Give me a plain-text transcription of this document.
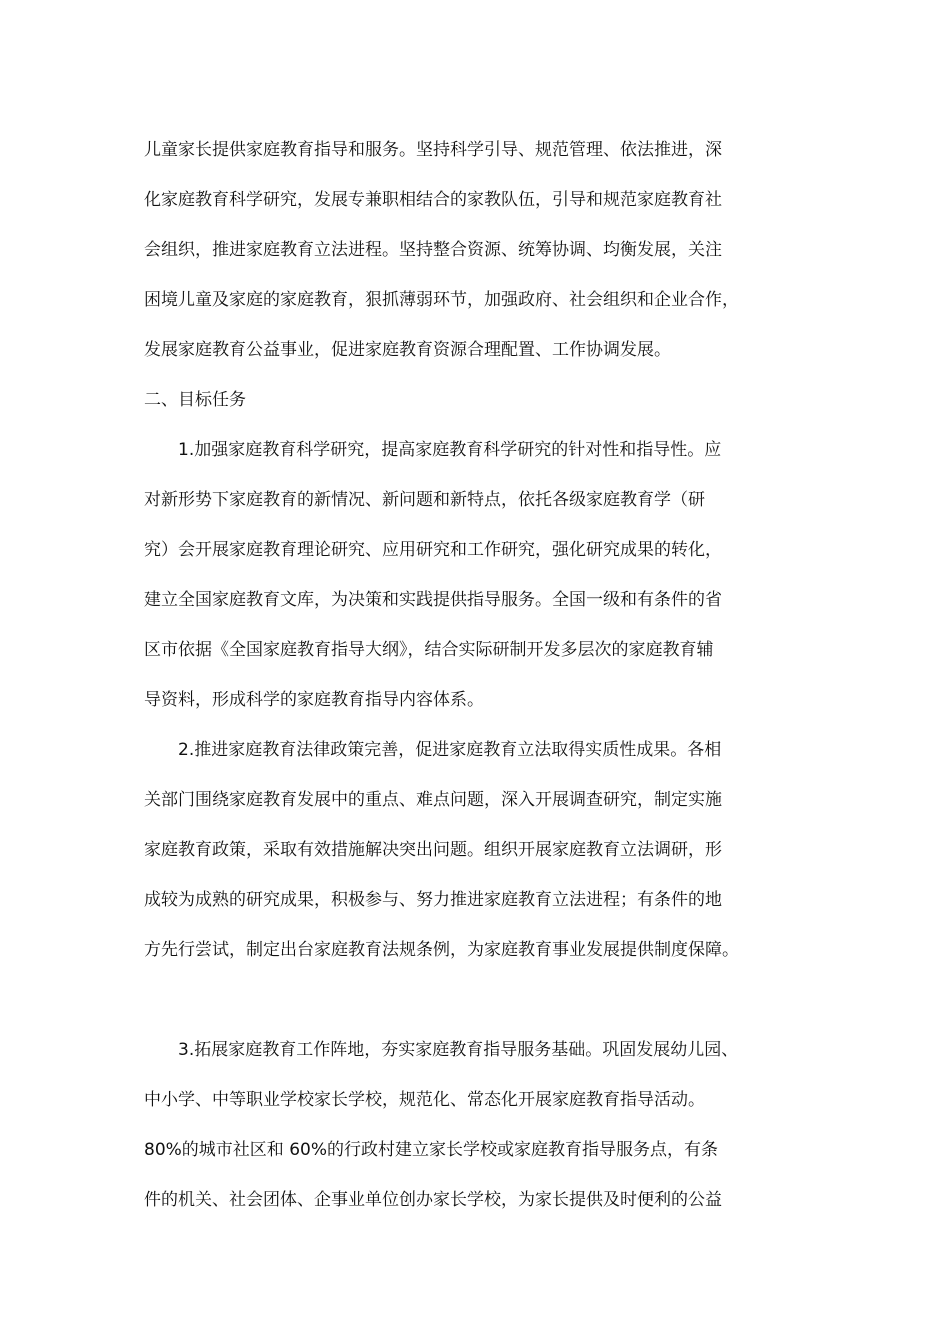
儿童家长提供家庭教育指导和服务。坚持科学引导、规范管理、依法推进，深
化家庭教育科学研究，发展专兼职相结合的家教队伍，引导和规范家庭教育社
会组织，推进家庭教育立法进程。坚持整合资源、统筹协调、均衡发展，关注
困境儿童及家庭的家庭教育，狠抓薄弱环节，加强政府、社会组织和企业合作，
发展家庭教育公益事业，促进家庭教育资源合理配置、工作协调发展。
二、目标任务
1.加强家庭教育科学研究，提高家庭教育科学研究的针对性和指导性。应
对新形势下家庭教育的新情况、新问题和新特点，依托各级家庭教育学（研
究）会开展家庭教育理论研究、应用研究和工作研究，强化研究成果的转化，
建立全国家庭教育文库，为决策和实践提供指导服务。全国一级和有条件的省
区市依据《全国家庭教育指导大纲》，结合实际研制开发多层次的家庭教育辅
导资料，形成科学的家庭教育指导内容体系。
2.推进家庭教育法律政策完善，促进家庭教育立法取得实质性成果。各相
关部门围绕家庭教育发展中的重点、难点问题，深入开展调查研究，制定实施
家庭教育政策，采取有效措施解决突出问题。组织开展家庭教育立法调研，形
成较为成熟的研究成果，积极参与、努力推进家庭教育立法进程；有条件的地
方先行尝试，制定出台家庭教育法规条例，为家庭教育事业发展提供制度保障。
3.拓展家庭教育工作阵地，夯实家庭教育指导服务基础。巩固发展幼儿园、
中小学、中等职业学校家长学校，规范化、常态化开展家庭教育指导活动。
80%的城市社区和 60%的行政村建立家长学校或家庭教育指导服务点，有条
件的机关、社会团体、企事业单位创办家长学校，为家长提供及时便利的公益
